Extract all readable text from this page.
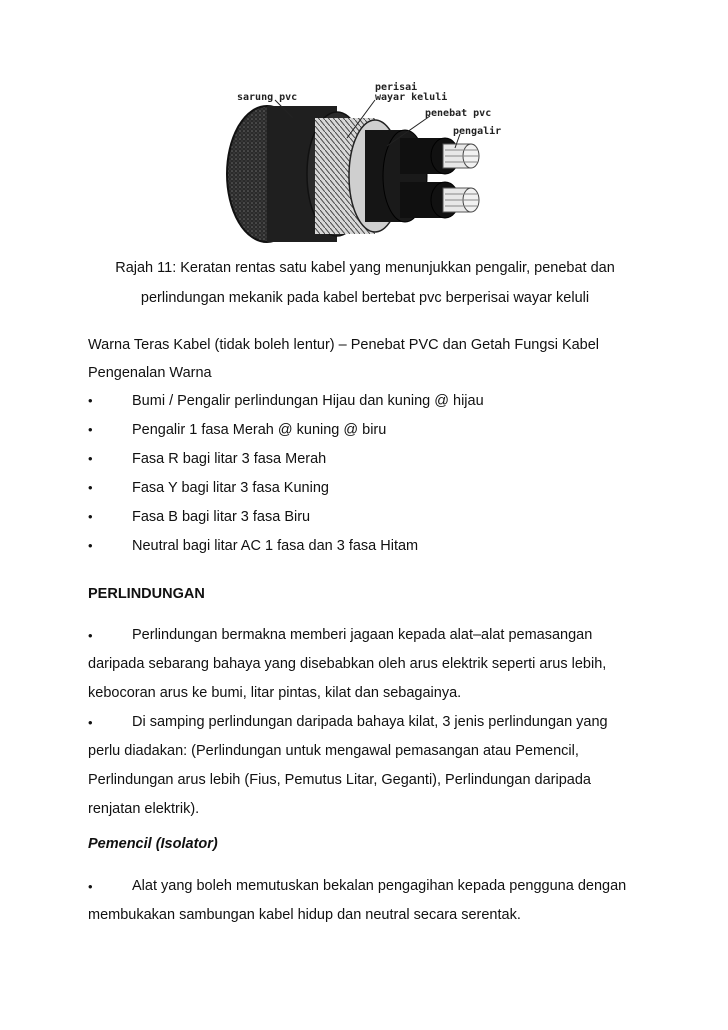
sarung pvc
perisai
wayar keluli
penebat pvc
pengalir
Rajah 11: Keratan rentas satu kabel yang menunjukkan pengalir, penebat dan
perlindungan mekanik pada kabel bertebat pvc berperisai wayar keluli
Warna Teras Kabel (tidak boleh lentur) – Penebat PVC dan Getah Fungsi Kabel
Pengenalan Warna
•	Bumi / Pengalir perlindungan Hijau dan kuning @ hijau
•	Pengalir 1 fasa Merah @ kuning @ biru
•	Fasa R bagi litar 3 fasa Merah
•	Fasa Y bagi litar 3 fasa Kuning
•	Fasa B bagi litar 3 fasa Biru
•	Neutral bagi litar AC 1 fasa dan 3 fasa Hitam
PERLINDUNGAN
•	Perlindungan bermakna memberi jagaan kepada alat–alat pemasangan
daripada sebarang bahaya yang disebabkan oleh arus elektrik seperti arus lebih,
kebocoran arus ke bumi, litar pintas, kilat dan sebagainya.
•	Di samping perlindungan daripada bahaya kilat, 3 jenis perlindungan yang
perlu diadakan: (Perlindungan untuk mengawal pemasangan atau Pemencil,
Perlindungan arus lebih (Fius, Pemutus Litar, Geganti), Perlindungan daripada
renjatan elektrik).
Pemencil (Isolator)
•	Alat yang boleh memutuskan bekalan pengagihan kepada pengguna dengan
membukakan sambungan kabel hidup dan neutral secara serentak.
